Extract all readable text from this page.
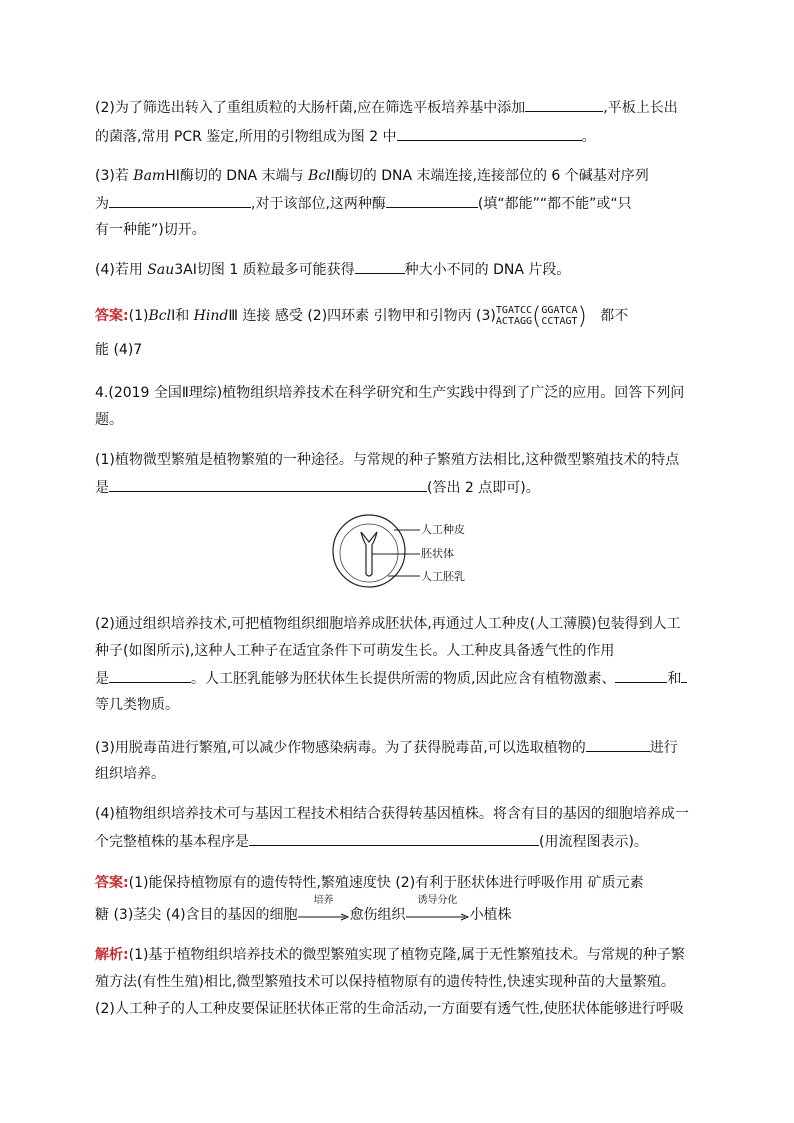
(2)为了筛选出转入了重组质粒的大肠杆菌,应在筛选平板培养基中添加	,平板上长出
的菌落,常用 PCR 鉴定,所用的引物组成为图 2 中	。
(3)若 BamHⅠ酶切的 DNA 末端与 BclⅠ酶切的 DNA 末端连接,连接部位的 6 个碱基对序列
为	,对于该部位,这两种酶	(填“都能”“都不能”或“只
有一种能”)切开。
(4)若用 Sau3AⅠ切图 1 质粒最多可能获得	种大小不同的 DNA 片段。
答案:(1)BclⅠ和 HindⅢ 连接 感受 (2)四环素 引物甲和引物丙 (3)TGATCC
ACTAGG(GGATCA
CCTAGT) 都不
能 (4)7
4.(2019 全国Ⅱ理综)植物组织培养技术在科学研究和生产实践中得到了广泛的应用。回答下列问
题。
(1)植物微型繁殖是植物繁殖的一种途径。与常规的种子繁殖方法相比,这种微型繁殖技术的特点
是	(答出 2 点即可)。
人工种皮
胚状体
人工胚乳
(2)通过组织培养技术,可把植物组织细胞培养成胚状体,再通过人工种皮(人工薄膜)包装得到人工
种子(如图所示),这种人工种子在适宜条件下可萌发生长。人工种皮具备透气性的作用
是	。人工胚乳能够为胚状体生长提供所需的物质,因此应含有植物激素、	和
等几类物质。
(3)用脱毒苗进行繁殖,可以减少作物感染病毒。为了获得脱毒苗,可以选取植物的	进行
组织培养。
(4)植物组织培养技术可与基因工程技术相结合获得转基因植株。将含有目的基因的细胞培养成一
个完整植株的基本程序是	(用流程图表示)。
答案:(1)能保持植物原有的遗传特性,繁殖速度快 (2)有利于胚状体进行呼吸作用 矿质元素
糖 (3)茎尖 (4)含目的基因的细胞
培养
愈伤组织
诱导分化
小植株
解析:(1)基于植物组织培养技术的微型繁殖实现了植物克隆,属于无性繁殖技术。与常规的种子繁
殖方法(有性生殖)相比,微型繁殖技术可以保持植物原有的遗传特性,快速实现种苗的大量繁殖。
(2)人工种子的人工种皮要保证胚状体正常的生命活动,一方面要有透气性,使胚状体能够进行呼吸
